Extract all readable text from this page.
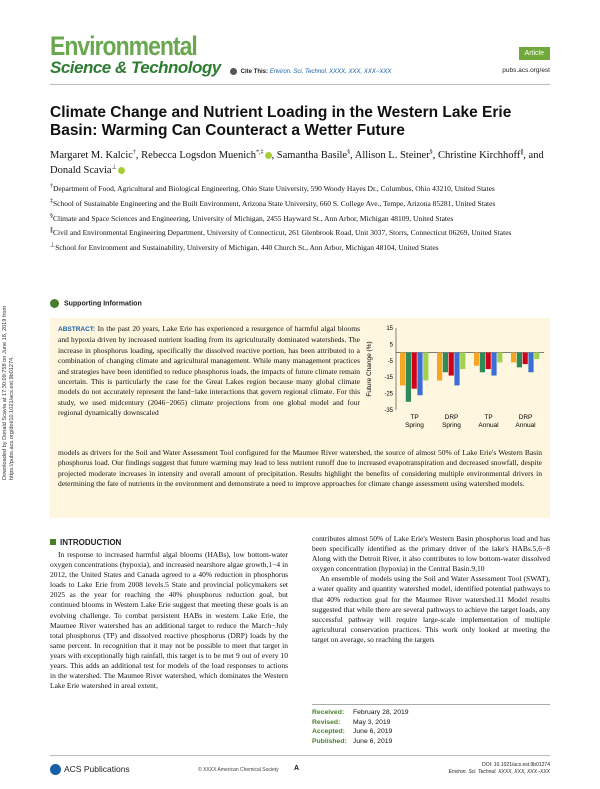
Environmental
Science & Technology
Article
Cite This: Environ. Sci. Technol. XXXX, XXX, XXX−XXX	pubs.acs.org/est
Climate Change and Nutrient Loading in the Western Lake Erie Basin: Warming Can Counteract a Wetter Future
Margaret M. Kalcic†, Rebecca Logsdon Muenich*,‡ , Samantha Basile§, Allison L. Steiner§, Christine Kirchhoff∥, and Donald Scavia⊥
†Department of Food, Agricultural and Biological Engineering, Ohio State University, 590 Woody Hayes Dr., Columbus, Ohio 43210, United States
‡School of Sustainable Engineering and the Built Environment, Arizona State University, 660 S. College Ave., Tempe, Arizona 85281, United States
§Climate and Space Sciences and Engineering, University of Michigan, 2455 Hayward St., Ann Arbor, Michigan 48109, United States
∥Civil and Environmental Engineering Department, University of Connecticut, 261 Glenbrook Road, Unit 3037, Storrs, Connecticut 06269, United States
⊥School for Environment and Sustainability, University of Michigan, 440 Church St., Ann Arbor, Michigan 48104, United States
Supporting Information
Downloaded by Donald Scavia at 17:30:09:758 on June 18, 2019 from https://pubs.acs.org/doi/10.1021/acs.est.9b01274.
ABSTRACT: In the past 20 years, Lake Erie has experienced a resurgence of harmful algal blooms and hypoxia driven by increased nutrient loading from its agriculturally dominated watersheds. The increase in phosphorus loading, specifically the dissolved reactive portion, has been attributed to a combination of changing climate and agricultural management. While many management practices and strategies have been identified to reduce phosphorus loads, the impacts of future climate remain uncertain. This is particularly the case for the Great Lakes region because many global climate models do not accurately represent the land−lake interactions that govern regional climate. For this study, we used midcentury (2046−2065) climate projections from one global model and four regional dynamically downscaled
models as drivers for the Soil and Water Assessment Tool configured for the Maumee River watershed, the source of almost 50% of Lake Erie's Western Basin phosphorus load. Our findings suggest that future warming may lead to less nutrient runoff due to increased evapotranspiration and decreased snowfall, despite projected moderate increases in intensity and overall amount of precipitation. Results highlight the benefits of considering multiple environmental drivers in determining the fate of nutrients in the environment and demonstrate a need to improve approaches for climate change assessment using watershed models.
Future Change (%)
15
5
-5
-15
-25
-35
TP
Spring
DRP
Spring
TP
Annual
DRP
Annual
INTRODUCTION

In response to increased harmful algal blooms (HABs), low bottom-water oxygen concentrations (hypoxia), and increased nearshore algae growth,1−4 in 2012, the United States and Canada agreed to a 40% reduction in phosphorus loads to Lake Erie from 2008 levels.5 State and provincial policymakers set 2025 as the year for reaching the 40% phosphorus reduction goal, but continued blooms in Western Lake Erie suggest that meeting these goals is an evolving challenge. To combat persistent HABs in western Lake Erie, the Maumee River watershed has an additional target to reduce the March−July total phosphorus (TP) and dissolved reactive phosphorus (DRP) loads by the same percent. In recognition that it may not be possible to meet that target in years with exceptionally high rainfall, this target is to be met 9 out of every 10 years. This adds an additional test for models of the load responses to actions in the watershed. The Maumee River watershed, which dominates the Western Lake Erie watershed in areal extent,

contributes almost 50% of Lake Erie's Western Basin phosphorus load and has been specifically identified as the primary driver of the lake's HABs.5,6−8 Along with the Detroit River, it also contributes to low bottom-water dissolved oxygen concentration (hypoxia) in the Central Basin.9,10

An ensemble of models using the Soil and Water Assessment Tool (SWAT), a water quality and quantity watershed model, identified potential pathways to that 40% reduction goal for the Maumee River watershed.11 Model results suggested that while there are several pathways to achieve the target loads, any successful pathway will require large-scale implementation of multiple agricultural conservation practices. This work only looked at meeting the target on average, so reaching the targets

Received:	February 28, 2019
Revised:	May 3, 2019
Accepted:	June 6, 2019
Published: June 6, 2019
ACS Publications	© XXXX American Chemical Society A	DOI: 10.1021/acs.est.9b01274
Environ. Sci. Technol. XXXX, XXX, XXX−XXX
